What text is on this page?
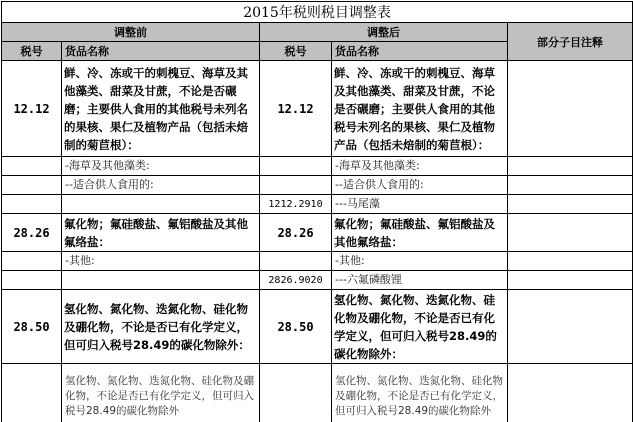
2015年税则税目调整表				
调整前		调整后		部分子目注释
税号	货品名称	税号	货品名称	
12.12	鲜、冷、冻或干的刺槐豆、海草及其他藻类、甜菜及甘蔗，不论是否碾磨；主要供人食用的其他税号未列名的果核、果仁及植物产品（包括未焙制的菊苣根）：	12.12	鲜、冷、冻或干的刺槐豆、海草及其他藻类、甜菜及甘蔗，不论是否碾磨；主要供人食用的其他税号未列名的果核、果仁及植物产品（包括未焙制的菊苣根）：	
	-海草及其他藻类:		-海草及其他藻类:	
	--适合供人食用的:		--适合供人食用的:	
		1212.2910	---马尾藻	
28.26	氟化物；氟硅酸盐、氟铝酸盐及其他氟络盐：	28.26	氟化物；氟硅酸盐、氟铝酸盐及其他氟络盐：	
	-其他:		-其他:	
		2826.9020	---六氟磷酸锂	
28.50	氢化物、氮化物、迭氮化物、硅化物及硼化物，不论是否已有化学定义，但可归入税号28.49的碳化物除外：	28.50	氢化物、氮化物、迭氮化物、硅化物及硼化物，不论是否已有化学定义，但可归入税号28.49的碳化物除外：	
	氢化物、氮化物、迭氮化物、硅化物及硼化物，不论是否已有化学定义，但可归入税号28.49的碳化物除外		氢化物、氮化物、迭氮化物、硅化物及硼化物，不论是否已有化学定义，但可归入税号28.49的碳化物除外	
